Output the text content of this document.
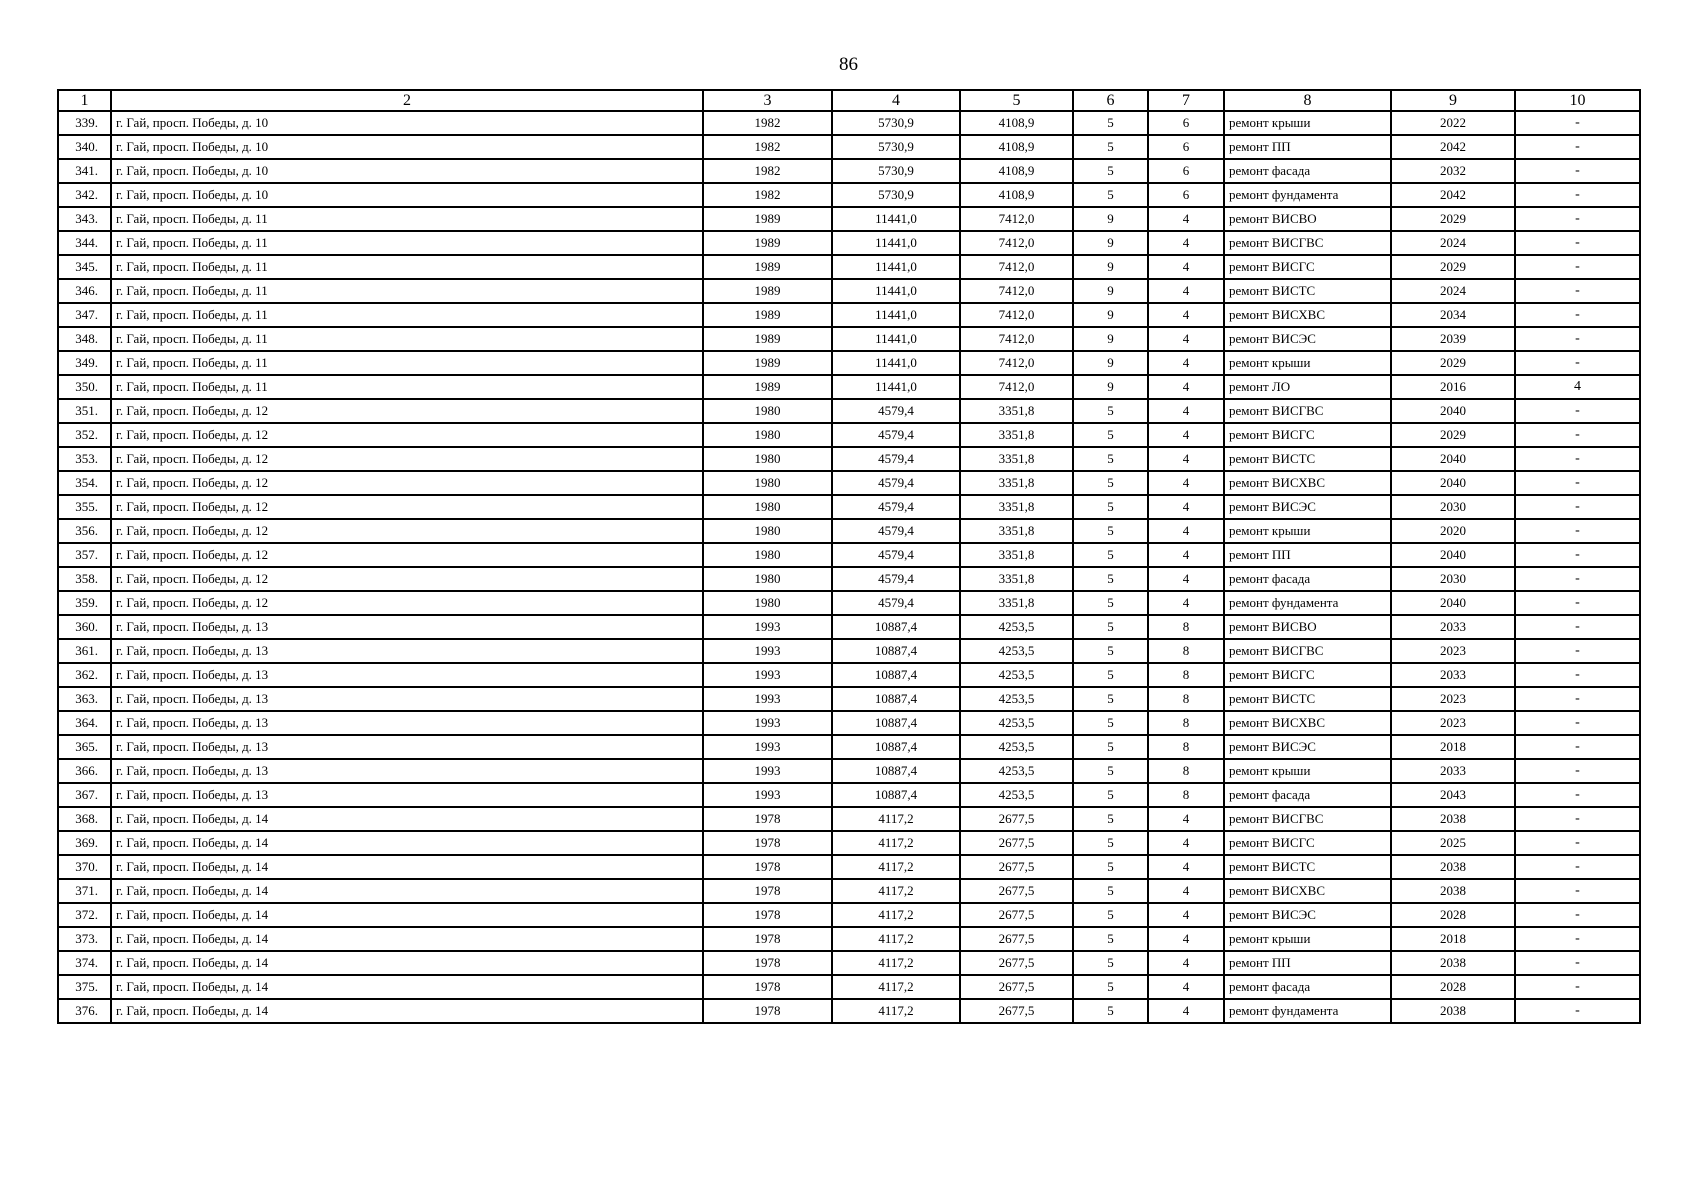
86
1	2	3	4	5	6	7	8	9	10
339.	г. Гай, просп. Победы, д. 10	1982	5730,9	4108,9	5	6	ремонт крыши	2022	-
340.	г. Гай, просп. Победы, д. 10	1982	5730,9	4108,9	5	6	ремонт ПП	2042	-
341.	г. Гай, просп. Победы, д. 10	1982	5730,9	4108,9	5	6	ремонт фасада	2032	-
342.	г. Гай, просп. Победы, д. 10	1982	5730,9	4108,9	5	6	ремонт фундамента	2042	-
343.	г. Гай, просп. Победы, д. 11	1989	11441,0	7412,0	9	4	ремонт ВИСВО	2029	-
344.	г. Гай, просп. Победы, д. 11	1989	11441,0	7412,0	9	4	ремонт ВИСГВС	2024	-
345.	г. Гай, просп. Победы, д. 11	1989	11441,0	7412,0	9	4	ремонт ВИСГС	2029	-
346.	г. Гай, просп. Победы, д. 11	1989	11441,0	7412,0	9	4	ремонт ВИСТС	2024	-
347.	г. Гай, просп. Победы, д. 11	1989	11441,0	7412,0	9	4	ремонт ВИСХВС	2034	-
348.	г. Гай, просп. Победы, д. 11	1989	11441,0	7412,0	9	4	ремонт ВИСЭС	2039	-
349.	г. Гай, просп. Победы, д. 11	1989	11441,0	7412,0	9	4	ремонт крыши	2029	-
350.	г. Гай, просп. Победы, д. 11	1989	11441,0	7412,0	9	4	ремонт ЛО	2016	4
351.	г. Гай, просп. Победы, д. 12	1980	4579,4	3351,8	5	4	ремонт ВИСГВС	2040	-
352.	г. Гай, просп. Победы, д. 12	1980	4579,4	3351,8	5	4	ремонт ВИСГС	2029	-
353.	г. Гай, просп. Победы, д. 12	1980	4579,4	3351,8	5	4	ремонт ВИСТС	2040	-
354.	г. Гай, просп. Победы, д. 12	1980	4579,4	3351,8	5	4	ремонт ВИСХВС	2040	-
355.	г. Гай, просп. Победы, д. 12	1980	4579,4	3351,8	5	4	ремонт ВИСЭС	2030	-
356.	г. Гай, просп. Победы, д. 12	1980	4579,4	3351,8	5	4	ремонт крыши	2020	-
357.	г. Гай, просп. Победы, д. 12	1980	4579,4	3351,8	5	4	ремонт ПП	2040	-
358.	г. Гай, просп. Победы, д. 12	1980	4579,4	3351,8	5	4	ремонт фасада	2030	-
359.	г. Гай, просп. Победы, д. 12	1980	4579,4	3351,8	5	4	ремонт фундамента	2040	-
360.	г. Гай, просп. Победы, д. 13	1993	10887,4	4253,5	5	8	ремонт ВИСВО	2033	-
361.	г. Гай, просп. Победы, д. 13	1993	10887,4	4253,5	5	8	ремонт ВИСГВС	2023	-
362.	г. Гай, просп. Победы, д. 13	1993	10887,4	4253,5	5	8	ремонт ВИСГС	2033	-
363.	г. Гай, просп. Победы, д. 13	1993	10887,4	4253,5	5	8	ремонт ВИСТС	2023	-
364.	г. Гай, просп. Победы, д. 13	1993	10887,4	4253,5	5	8	ремонт ВИСХВС	2023	-
365.	г. Гай, просп. Победы, д. 13	1993	10887,4	4253,5	5	8	ремонт ВИСЭС	2018	-
366.	г. Гай, просп. Победы, д. 13	1993	10887,4	4253,5	5	8	ремонт крыши	2033	-
367.	г. Гай, просп. Победы, д. 13	1993	10887,4	4253,5	5	8	ремонт фасада	2043	-
368.	г. Гай, просп. Победы, д. 14	1978	4117,2	2677,5	5	4	ремонт ВИСГВС	2038	-
369.	г. Гай, просп. Победы, д. 14	1978	4117,2	2677,5	5	4	ремонт ВИСГС	2025	-
370.	г. Гай, просп. Победы, д. 14	1978	4117,2	2677,5	5	4	ремонт ВИСТС	2038	-
371.	г. Гай, просп. Победы, д. 14	1978	4117,2	2677,5	5	4	ремонт ВИСХВС	2038	-
372.	г. Гай, просп. Победы, д. 14	1978	4117,2	2677,5	5	4	ремонт ВИСЭС	2028	-
373.	г. Гай, просп. Победы, д. 14	1978	4117,2	2677,5	5	4	ремонт крыши	2018	-
374.	г. Гай, просп. Победы, д. 14	1978	4117,2	2677,5	5	4	ремонт ПП	2038	-
375.	г. Гай, просп. Победы, д. 14	1978	4117,2	2677,5	5	4	ремонт фасада	2028	-
376.	г. Гай, просп. Победы, д. 14	1978	4117,2	2677,5	5	4	ремонт фундамента	2038	-
